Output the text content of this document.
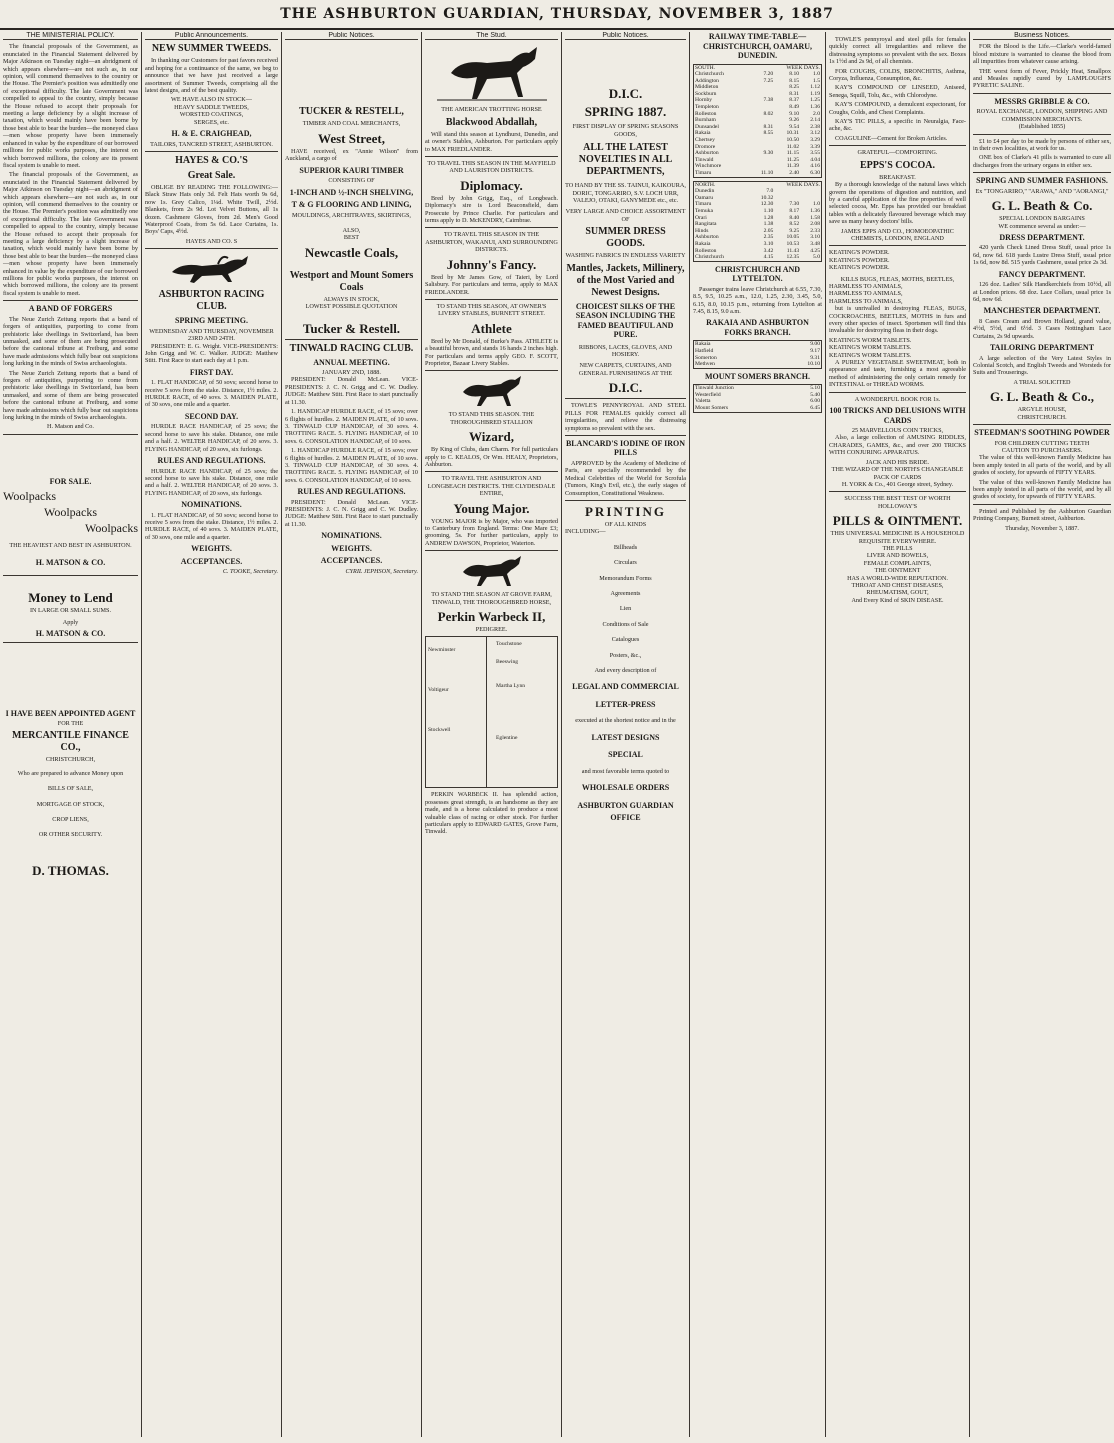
THE ASHBURTON GUARDIAN, THURSDAY, NOVEMBER 3, 1887
THE MINISTERIAL POLICY.

The financial proposals of the Government, as enunciated in the Financial Statement delivered by Major Atkinson on Tuesday night—an abridgment of which appears elsewhere—are not such as, in our opinion, will commend themselves to the country or the House. The Premier's position was admittedly one of exceptional difficulty. The late Government was compelled to appeal to the country, simply because the House refused to accept their proposals for meeting a large deficiency by a slight increase of taxation, which would mainly have been borne by those best able to bear the burden—the moneyed class—men whose property have been immensely enhanced in value by the expenditure of our borrowed millions for public works purposes, the interest on which borrowed millions, the colony are its present fiscal system is unable to meet.

The financial proposals of the Government, as enunciated in the Financial Statement delivered by Major Atkinson on Tuesday night—an abridgment of which appears elsewhere—are not such as, in our opinion, will commend themselves to the country or the House. The Premier's position was admittedly one of exceptional difficulty. The late Government was compelled to appeal to the country, simply because the House refused to accept their proposals for meeting a large deficiency by a slight increase of taxation, which would mainly have been borne by those best able to bear the burden—the moneyed class—men whose property have been immensely enhanced in value by the expenditure of our borrowed millions for public works purposes, the interest on which borrowed millions, the colony are its present fiscal system is unable to meet.

A BAND OF FORGERS

The Neue Zurich Zeitung reports that a band of forgers of antiquities, purporting to come from prehistoric lake dwellings in Switzerland, has been unmasked, and some of them are being prosecuted before the cantonal tribune at Freiburg, and some have made admissions which fully bear out suspicions long lurking in the minds of Swiss archaeologists.

The Neue Zurich Zeitung reports that a band of forgers of antiquities, purporting to come from prehistoric lake dwellings in Switzerland, has been unmasked, and some of them are being prosecuted before the cantonal tribune at Freiburg, and some have made admissions which fully bear out suspicions long lurking in the minds of Swiss archaeologists.

H. Matson and Co.
FOR SALE.
Woolpacks
Woolpacks
Woolpacks
THE HEAVIEST AND BEST IN ASHBURTON.
H. MATSON & CO.
Money to Lend
IN LARGE OR SMALL SUMS.
Apply
H. MATSON & CO.
I HAVE BEEN APPOINTED AGENT
FOR THE
MERCANTILE FINANCE CO.,
CHRISTCHURCH,
Who are prepared to advance Money upon
BILLS OF SALE,
MORTGAGE OF STOCK,
CROP LIENS,
OR OTHER SECURITY.
D. THOMAS.
Public Announcements.
NEW SUMMER TWEEDS.

In thanking our Customers for past favors received and hoping for a continuance of the same, we beg to announce that we have just received a large assortment of Summer Tweeds, comprising all the latest designs, and of the best quality.

WE HAVE ALSO IN STOCK—
HEAVY SADDLE TWEEDS,
WORSTED COATINGS,
SERGES, etc.
H. & E. CRAIGHEAD,
TAILORS, TANCRED STREET, ASHBURTON.
HAYES & CO.'S
Great Sale.

OBLIGE BY READING THE FOLLOWING:— Black Straw Hats only 3d. Felt Hats worth 9s 6d, now 1s. Grey Calico, 1¼d. White Twill, 2½d. Blankets, from 2s 9d. Lot Velvet Buttons, all 1s dozen. Cashmere Gloves, from 2d. Men's Good Waterproof Coats, from 5s 6d. Lace Curtains, 1s. Boys' Caps, 4½d.

HAYES AND CO. S
ASHBURTON RACING CLUB.
SPRING MEETING.
WEDNESDAY AND THURSDAY, NOVEMBER 23RD AND 24TH.

PRESIDENT: E. G. Wright. VICE-PRESIDENTS: John Grigg and W. C. Walker. JUDGE: Matthew Stitt. First Race to start each day at 1 p.m.

FIRST DAY.

1. FLAT HANDICAP, of 50 sovs; second horse to receive 5 sovs from the stake. Distance, 1½ miles. 2. HURDLE RACE, of 40 sovs. 3. MAIDEN PLATE, of 30 sovs, one mile and a quarter.

SECOND DAY.

HURDLE RACE HANDICAP, of 25 sovs; the second horse to save his stake. Distance, one mile and a half. 2. WELTER HANDICAP, of 20 sovs. 3. FLYING HANDICAP, of 20 sovs, six furlongs.

RULES AND REGULATIONS.

HURDLE RACE HANDICAP, of 25 sovs; the second horse to save his stake. Distance, one mile and a half. 2. WELTER HANDICAP, of 20 sovs. 3. FLYING HANDICAP, of 20 sovs, six furlongs.

NOMINATIONS.

1. FLAT HANDICAP, of 50 sovs; second horse to receive 5 sovs from the stake. Distance, 1½ miles. 2. HURDLE RACE, of 40 sovs. 3. MAIDEN PLATE, of 30 sovs, one mile and a quarter.

WEIGHTS.
ACCEPTANCES.
C. TOOKE, Secretary.
Public Notices.
TUCKER & RESTELL,
TIMBER AND COAL MERCHANTS,
West Street,

HAVE received, ex "Annie Wilson" from Auckland, a cargo of

SUPERIOR KAURI TIMBER
CONSISTING OF
1-INCH AND ½-INCH SHELVING,
T & G FLOORING AND LINING,
MOULDINGS, ARCHITRAVES, SKIRTINGS,
ALSO,
BEST
Newcastle Coals,
Westport and Mount Somers Coals
ALWAYS IN STOCK,
LOWEST POSSIBLE QUOTATION
Tucker & Restell.
TINWALD RACING CLUB.
ANNUAL MEETING.
JANUARY 2ND, 1888.

PRESIDENT: Donald McLean. VICE-PRESIDENTS: J. C. N. Grigg and C. W. Dudley. JUDGE: Matthew Stitt. First Race to start punctually at 11.30.

1. HANDICAP HURDLE RACE, of 15 sovs; over 6 flights of hurdles. 2. MAIDEN PLATE, of 10 sovs. 3. TINWALD CUP HANDICAP, of 30 sovs. 4. TROTTING RACE. 5. FLYING HANDICAP, of 10 sovs. 6. CONSOLATION HANDICAP, of 10 sovs.

1. HANDICAP HURDLE RACE, of 15 sovs; over 6 flights of hurdles. 2. MAIDEN PLATE, of 10 sovs. 3. TINWALD CUP HANDICAP, of 30 sovs. 4. TROTTING RACE. 5. FLYING HANDICAP, of 10 sovs. 6. CONSOLATION HANDICAP, of 10 sovs.

RULES AND REGULATIONS.

PRESIDENT: Donald McLean. VICE-PRESIDENTS: J. C. N. Grigg and C. W. Dudley. JUDGE: Matthew Stitt. First Race to start punctually at 11.30.

NOMINATIONS.
WEIGHTS.
ACCEPTANCES.
CYRIL JEPHSON, Secretary.
The Stud.
THE AMERICAN TROTTING HORSE
Blackwood Abdallah,

Will stand this season at Lyndhurst, Dunedin, and at owner's Stables, Ashburton. For particulars apply to MAX FRIEDLANDER.

TO TRAVEL THIS SEASON IN THE MAYFIELD AND LAURISTON DISTRICTS.
Diplomacy.

Bred by John Grigg, Esq., of Longbeach. Diplomacy's sire is Lord Beaconsfield, dam Prosecute by Prince Charlie. For particulars and terms apply to D. McKENDRY, Cairnbrae.

TO TRAVEL THIS SEASON IN THE ASHBURTON, WAKANUI, AND SURROUNDING DISTRICTS.
Johnny's Fancy.

Bred by Mr James Gow, of Taieri, by Lord Salisbury. For particulars and terms, apply to MAX FRIEDLANDER.

TO STAND THIS SEASON, AT OWNER'S LIVERY STABLES, BURNETT STREET.
Athlete

Bred by Mr Donald, of Burke's Pass. ATHLETE is a beautiful brown, and stands 16 hands 2 inches high. For particulars and terms apply GEO. F. SCOTT, Proprietor, Bazaar Livery Stables.

TO STAND THIS SEASON. THE THOROUGHBRED STALLION
Wizard,

By King of Clubs, dam Charm. For full particulars apply to C. KEALOS, Or Wm. HEALY, Proprietors, Ashburton.

TO TRAVEL THE ASHBURTON AND LONGBEACH DISTRICTS. THE CLYDESDALE ENTIRE,
Young Major.

YOUNG MAJOR is by Major, who was imported to Canterbury from England. Terms: One Mare £3; grooming, 5s. For further particulars, apply to ANDREW DAWSON, Proprietor, Waterton.

TO STAND THE SEASON AT GROVE FARM, TINWALD, THE THOROUGHBRED HORSE,
Perkin Warbeck II,
PEDIGREE.
Newminster
Touchstone
Beeswing
Voltigeur
Martha Lynn
Stockwell
Eglentine

PERKIN WARBECK II. has splendid action, possesses great strength, is an handsome as they are made, and is a horse calculated to produce a most valuable class of racing or other stock. For further particulars apply to EDWARD GATES, Grove Farm, Tinwald.

Public Notices.
D.I.C.
SPRING 1887.
FIRST DISPLAY OF SPRING SEASONS GOODS,
ALL THE LATEST NOVELTIES IN ALL DEPARTMENTS,
TO HAND BY THE SS. TAINUI, KAIKOURA, DORIC, TONGARIRO, S.V. LOCH URR, VALEJO, OTAKI, GANYMEDE etc., etc.
VERY LARGE AND CHOICE ASSORTMENT OF
SUMMER DRESS GOODS.
WASHING FABRICS IN ENDLESS VARIETY
Mantles, Jackets, Millinery, of the Most Varied and Newest Designs.
CHOICEST SILKS OF THE SEASON INCLUDING THE FAMED BEAUTIFUL AND PURE.
RIBBONS, LACES, GLOVES, AND HOSIERY.
NEW CARPETS, CURTAINS, AND GENERAL FURNISHINGS AT THE
D.I.C.

TOWLE'S PENNYROYAL AND STEEL PILLS FOR FEMALES quickly correct all irregularities, and relieve the distressing symptoms so prevalent with the sex.

BLANCARD'S IODINE OF IRON PILLS

APPROVED by the Academy of Medicine of Paris, are specially recommended by the Medical Celebrities of the World for Scrofula (Tumors, King's Evil, etc.), the early stages of Consumption, Constitutional Weakness.

PRINTING
OF ALL KINDS
INCLUDING—
Billheads
Circulars
Memorandum Forms
Agreements
Lien
Conditions of Sale
Catalogues
Posters, &c.,
And every description of
LEGAL AND COMMERCIAL
LETTER-PRESS
executed at the shortest notice and in the
LATEST DESIGNS
SPECIAL
and most favorable terms quoted to
WHOLESALE ORDERS
ASHBURTON GUARDIAN
OFFICE
RAILWAY TIME-TABLE—CHRISTCHURCH, OAMARU, DUNEDIN.
SOUTH.	WEEK DAYS.		
Christchurch	7.20	8.10	1.0
Addington	7.25	8.15	1.5
Middleton		8.25	1.12
Sockburn		8.31	1.19
Hornby	7.38	8.37	1.25
Templeton		8.49	1.36
Rolleston	8.02	9.10	2.0
Burnham		9.26	2.14
Dunsandel	8.31	9.54	2.38
Rakaia	8.55	10.31	3.12
Chertsey		10.50	3.29
Dromore		11.02	3.39
Ashburton	9.30	11.15	3.55
Tinwald		11.25	4.04
Winchmore		11.39	4.16
Timaru	11.10	2.40	6.30
NORTH.	WEEK DAYS.		
Dunedin	7.0		
Oamaru	10.32		
Timaru	12.30	7.30	1.0
Temuka	1.10	8.17	1.36
Orari	1.28	8.40	1.58
Rangitata	1.38	8.52	2.08
Hinds	2.05	9.25	2.33
Ashburton	2.35	10.05	3.10
Rakaia	3.10	10.53	3.48
Rolleston	3.42	11.43	4.25
Christchurch	4.15	12.35	5.0
CHRISTCHURCH AND LYTTELTON.

Passenger trains leave Christchurch at 6.55, 7.30, 8.5, 9.5, 10.25 a.m., 12.0, 1.25, 2.30, 3.45, 5.0, 6.15, 8.0, 10.15 p.m., returning from Lyttelton at 7.45, 8.15, 9.0 a.m.

RAKAIA AND ASHBURTON FORKS BRANCH.
Rakaia	9.00
Hatfield	9.17
Somerton	9.31
Methven	10.10
MOUNT SOMERS BRANCH.
Tinwald Junction	5.10
Westerfield	5.40
Valetta	6.00
Mount Somers	6.45

TOWLE'S pennyroyal and steel pills for females quickly correct all irregularities and relieve the distressing symptoms so prevalent with the sex. Boxes 1s 1½d and 2s 9d, of all chemists.

FOR COUGHS, COLDS, BRONCHITIS, Asthma, Coryza, Influenza, Consumption, &c.

KAY'S COMPOUND OF LINSEED, Aniseed, Senega, Squill, Tolu, &c., with Chlorodyne.

KAY'S COMPOUND, a demulcent expectorant, for Coughs, Colds, and Chest Complaints.

KAY'S TIC PILLS, a specific in Neuralgia, Face-ache, &c.

COAGULINE—Cement for Broken Articles.

GRATEFUL—COMFORTING.
EPPS'S COCOA.
BREAKFAST.

By a thorough knowledge of the natural laws which govern the operations of digestion and nutrition, and by a careful application of the fine properties of well selected cocoa, Mr. Epps has provided our breakfast tables with a delicately flavoured beverage which may save us many heavy doctors' bills.

JAMES EPPS AND CO., HOMOEOPATHIC CHEMISTS, LONDON, ENGLAND
KEATING'S POWDER.
KEATING'S POWDER.
KEATING'S POWDER.
KILLS BUGS, FLEAS, MOTHS, BEETLES,
HARMLESS TO ANIMALS,
HARMLESS TO ANIMALS,
HARMLESS TO ANIMALS,

but is unrivalled in destroying FLEAS, BUGS, COCKROACHES, BEETLES, MOTHS in furs and every other species of insect. Sportsmen will find this invaluable for destroying fleas in their dogs.

KEATING'S WORM TABLETS.
KEATING'S WORM TABLETS.
KEATING'S WORM TABLETS.

A PURELY VEGETABLE SWEETMEAT, both in appearance and taste, furnishing a most agreeable method of administering the only certain remedy for INTESTINAL or THREAD WORMS.

A WONDERFUL BOOK FOR 1s.
100 TRICKS AND DELUSIONS WITH CARDS
25 MARVELLOUS COIN TRICKS,

Also, a large collection of AMUSING RIDDLES, CHARADES, GAMES, &c., and over 200 TRICKS WITH CONJURING APPARATUS.

JACK AND HIS BRIDE.
THE WIZARD OF THE NORTH'S CHANGEABLE PACK OF CARDS
H. YORK & Co., 401 George street, Sydney.
SUCCESS THE BEST TEST OF WORTH
HOLLOWAY'S
PILLS & OINTMENT.
THIS UNIVERSAL MEDICINE IS A HOUSEHOLD REQUISITE EVERYWHERE.
THE PILLS
LIVER AND BOWELS,
FEMALE COMPLAINTS,
THE OINTMENT
HAS A WORLD-WIDE REPUTATION.
THROAT AND CHEST DISEASES,
RHEUMATISM, GOUT,
And Every Kind of SKIN DISEASE.
Business Notices.

FOR the Blood is the Life.—Clarke's world-famed blood mixture is warranted to cleanse the blood from all impurities from whatever cause arising.

THE worst form of Fever, Prickly Heat, Smallpox and Measles rapidly cured by LAMPLOUGH'S PYRETIC SALINE.

MESSRS GRIBBLE & CO.
ROYAL EXCHANGE, LONDON, SHIPPING AND COMMISSION MERCHANTS.
(Established 1855)

£1 to £4 per day to be made by persons of either sex, in their own localities, at work for us.

ONE box of Clarke's 41 pills is warranted to cure all discharges from the urinary organs in either sex.

SPRING AND SUMMER FASHIONS.
Ex "TONGARIRO," "ARAWA," AND "AORANGI,"
G. L. Beath & Co.
SPECIAL LONDON BARGAINS
WE commence several as under:—
DRESS DEPARTMENT.

420 yards Check Lined Dress Stuff, usual price 1s 6d, now 6d. 618 yards Lustre Dress Stuff, usual price 1s 6d, now 8d. 515 yards Cashmere, usual price 2s 3d.

FANCY DEPARTMENT.

126 doz. Ladies' Silk Handkerchiefs from 10½d, all at London prices. 68 doz. Lace Collars, usual price 1s 6d, now 6d.

MANCHESTER DEPARTMENT.

8 Cases Cream and Brown Holland, grand value, 4½d, 5½d, and 6½d. 3 Cases Nottingham Lace Curtains, 2s 9d upwards.

TAILORING DEPARTMENT

A large selection of the Very Latest Styles in Colonial Scotch, and English Tweeds and Worsteds for Suits and Trouserings.

A TRIAL SOLICITED
G. L. Beath & Co.,
ARGYLE HOUSE,
CHRISTCHURCH.
STEEDMAN'S SOOTHING POWDER
FOR CHILDREN CUTTING TEETH
CAUTION TO PURCHASERS.

The value of this well-known Family Medicine has been amply tested in all parts of the world, and by all grades of society, for upwards of FIFTY YEARS.

The value of this well-known Family Medicine has been amply tested in all parts of the world, and by all grades of society, for upwards of FIFTY YEARS.

Printed and Published by the Ashburton Guardian Printing Company, Burnett street, Ashburton.

Thursday, November 3, 1887.
